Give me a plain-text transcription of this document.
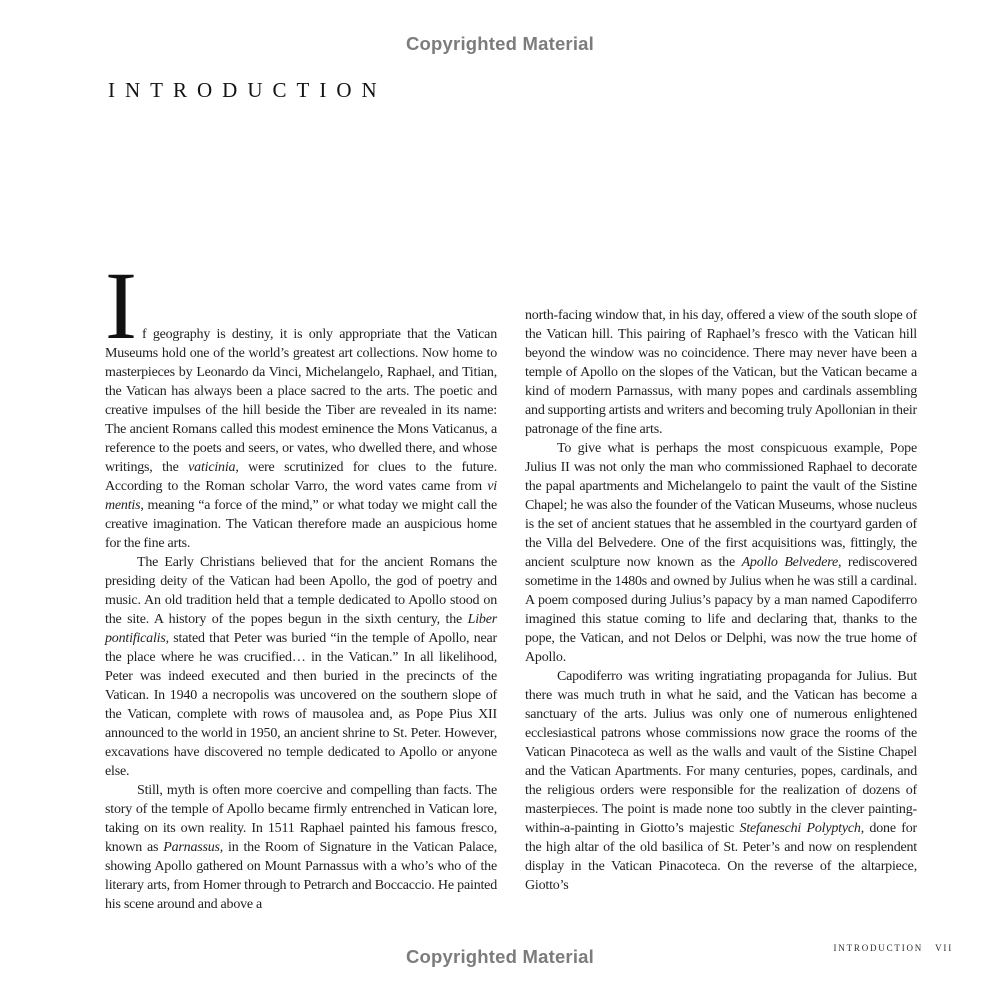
Copyrighted Material
INTRODUCTION

If geography is destiny, it is only appropriate that the Vatican Museums hold one of the world’s greatest art collections. Now home to masterpieces by Leonardo da Vinci, Michelangelo, Raphael, and Titian, the Vatican has always been a place sacred to the arts. The poetic and creative impulses of the hill beside the Tiber are revealed in its name: The ancient Romans called this modest eminence the Mons Vaticanus, a reference to the poets and seers, or vates, who dwelled there, and whose writings, the vaticinia, were scrutinized for clues to the future. According to the Roman scholar Varro, the word vates came from vi mentis, meaning “a force of the mind,” or what today we might call the creative imagination. The Vatican therefore made an auspicious home for the fine arts.

The Early Christians believed that for the ancient Romans the presiding deity of the Vatican had been Apollo, the god of poetry and music. An old tradition held that a temple dedicated to Apollo stood on the site. A history of the popes begun in the sixth century, the Liber pontificalis, stated that Peter was buried “in the temple of Apollo, near the place where he was crucified… in the Vatican.” In all likelihood, Peter was indeed executed and then buried in the precincts of the Vatican. In 1940 a necropolis was uncovered on the southern slope of the Vatican, complete with rows of mausolea and, as Pope Pius XII announced to the world in 1950, an ancient shrine to St. Peter. However, excavations have discovered no temple dedicated to Apollo or anyone else.

Still, myth is often more coercive and compelling than facts. The story of the temple of Apollo became firmly entrenched in Vatican lore, taking on its own reality. In 1511 Raphael painted his famous fresco, known as Parnassus, in the Room of Signature in the Vatican Palace, showing Apollo gathered on Mount Parnassus with a who’s who of the literary arts, from Homer through to Petrarch and Boccaccio. He painted his scene around and above a

north-facing window that, in his day, offered a view of the south slope of the Vatican hill. This pairing of Raphael’s fresco with the Vatican hill beyond the window was no coincidence. There may never have been a temple of Apollo on the slopes of the Vatican, but the Vatican became a kind of modern Parnassus, with many popes and cardinals assembling and supporting artists and writers and becoming truly Apollonian in their patronage of the fine arts.

To give what is perhaps the most conspicuous example, Pope Julius II was not only the man who commissioned Raphael to decorate the papal apartments and Michelangelo to paint the vault of the Sistine Chapel; he was also the founder of the Vatican Museums, whose nucleus is the set of ancient statues that he assembled in the courtyard garden of the Villa del Belvedere. One of the first acquisitions was, fittingly, the ancient sculpture now known as the Apollo Belvedere, rediscovered sometime in the 1480s and owned by Julius when he was still a cardinal. A poem composed during Julius’s papacy by a man named Capodiferro imagined this statue coming to life and declaring that, thanks to the pope, the Vatican, and not Delos or Delphi, was now the true home of Apollo.

Capodiferro was writing ingratiating propaganda for Julius. But there was much truth in what he said, and the Vatican has become a sanctuary of the arts. Julius was only one of numerous enlightened ecclesiastical patrons whose commissions now grace the rooms of the Vatican Pinacoteca as well as the walls and vault of the Sistine Chapel and the Vatican Apartments. For many centuries, popes, cardinals, and the religious orders were responsible for the realization of dozens of masterpieces. The point is made none too subtly in the clever painting-within-a-painting in Giotto’s majestic Stefaneschi Polyptych, done for the high altar of the old basilica of St. Peter’s and now on resplendent display in the Vatican Pinacoteca. On the reverse of the altarpiece, Giotto’s

INTRODUCTION VII
Copyrighted Material
